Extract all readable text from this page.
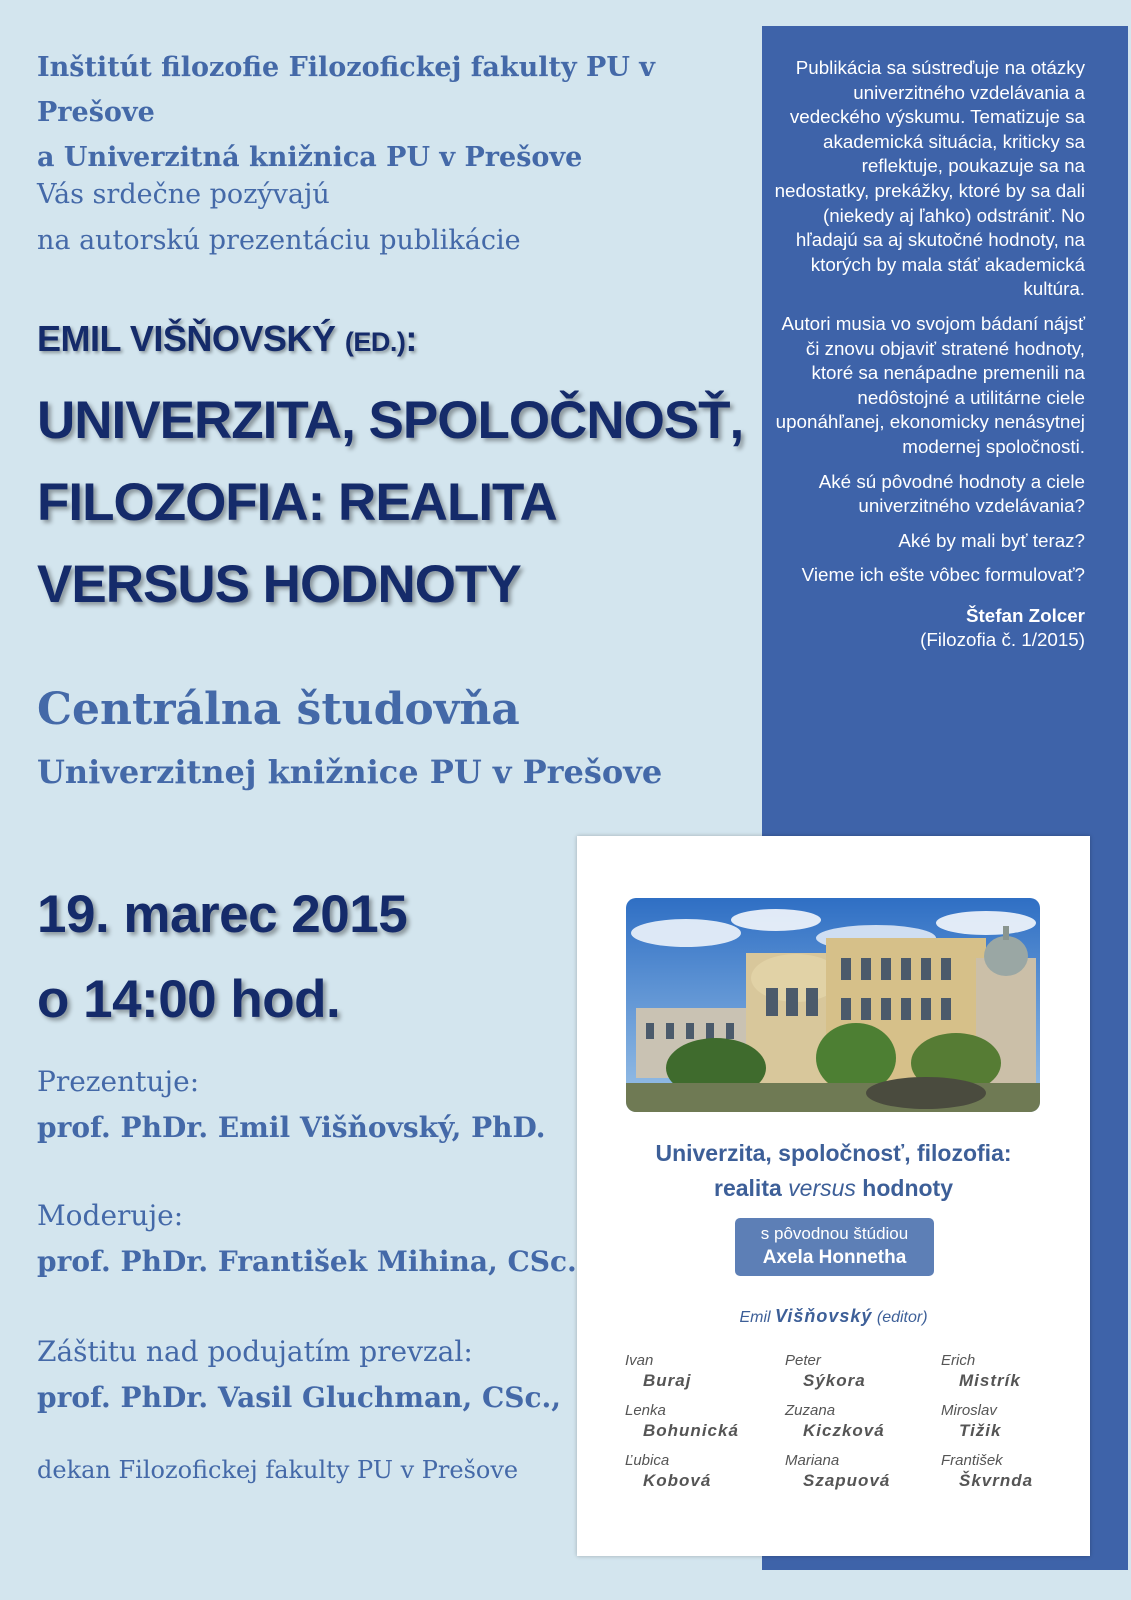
Inštitút filozofie Filozofickej fakulty PU v Prešove
a Univerzitná knižnica PU v Prešove
Vás srdečne pozývajú
na autorskú prezentáciu publikácie
EMIL VIŠŇOVSKÝ (ED.):
UNIVERZITA, SPOLOČNOSŤ,
FILOZOFIA: REALITA
VERSUS HODNOTY
Centrálna študovňa
Univerzitnej knižnice PU v Prešove
19. marec 2015
o 14:00 hod.
Prezentuje:
prof. PhDr. Emil Višňovský, PhD.
Moderuje:
prof. PhDr. František Mihina, CSc.
Záštitu nad podujatím prevzal:
prof. PhDr. Vasil Gluchman, CSc.,
dekan Filozofickej fakulty PU v Prešove

Publikácia sa sústreďuje na otázky univerzitného vzdelávania a vedeckého výskumu. Tematizuje sa akademická situácia, kriticky sa reflektuje, poukazuje sa na nedostatky, prekážky, ktoré by sa dali (niekedy aj ľahko) odstrániť. No hľadajú sa aj skutočné hodnoty, na ktorých by mala stáť akademická kultúra.

Autori musia vo svojom bádaní nájsť či znovu objaviť stratené hodnoty, ktoré sa nenápadne premenili na nedôstojné a utilitárne ciele uponáhľanej, ekonomicky nenásytnej modernej spoločnosti.

Aké sú pôvodné hodnoty a ciele univerzitného vzdelávania?

Aké by mali byť teraz?

Vieme ich ešte vôbec formulovať?

Štefan Zolcer
(Filozofia č. 1/2015)
Univerzita, spoločnosť, filozofia:
realita versus hodnoty
s pôvodnou štúdiou
Axela Honnetha
Emil Višňovský (editor)
Ivan
Buraj
Peter
Sýkora
Erich
Mistrík
Lenka
Bohunická
Zuzana
Kiczková
Miroslav
Tižik
Ľubica
Kobová
Mariana
Szapuová
František
Škvrnda
